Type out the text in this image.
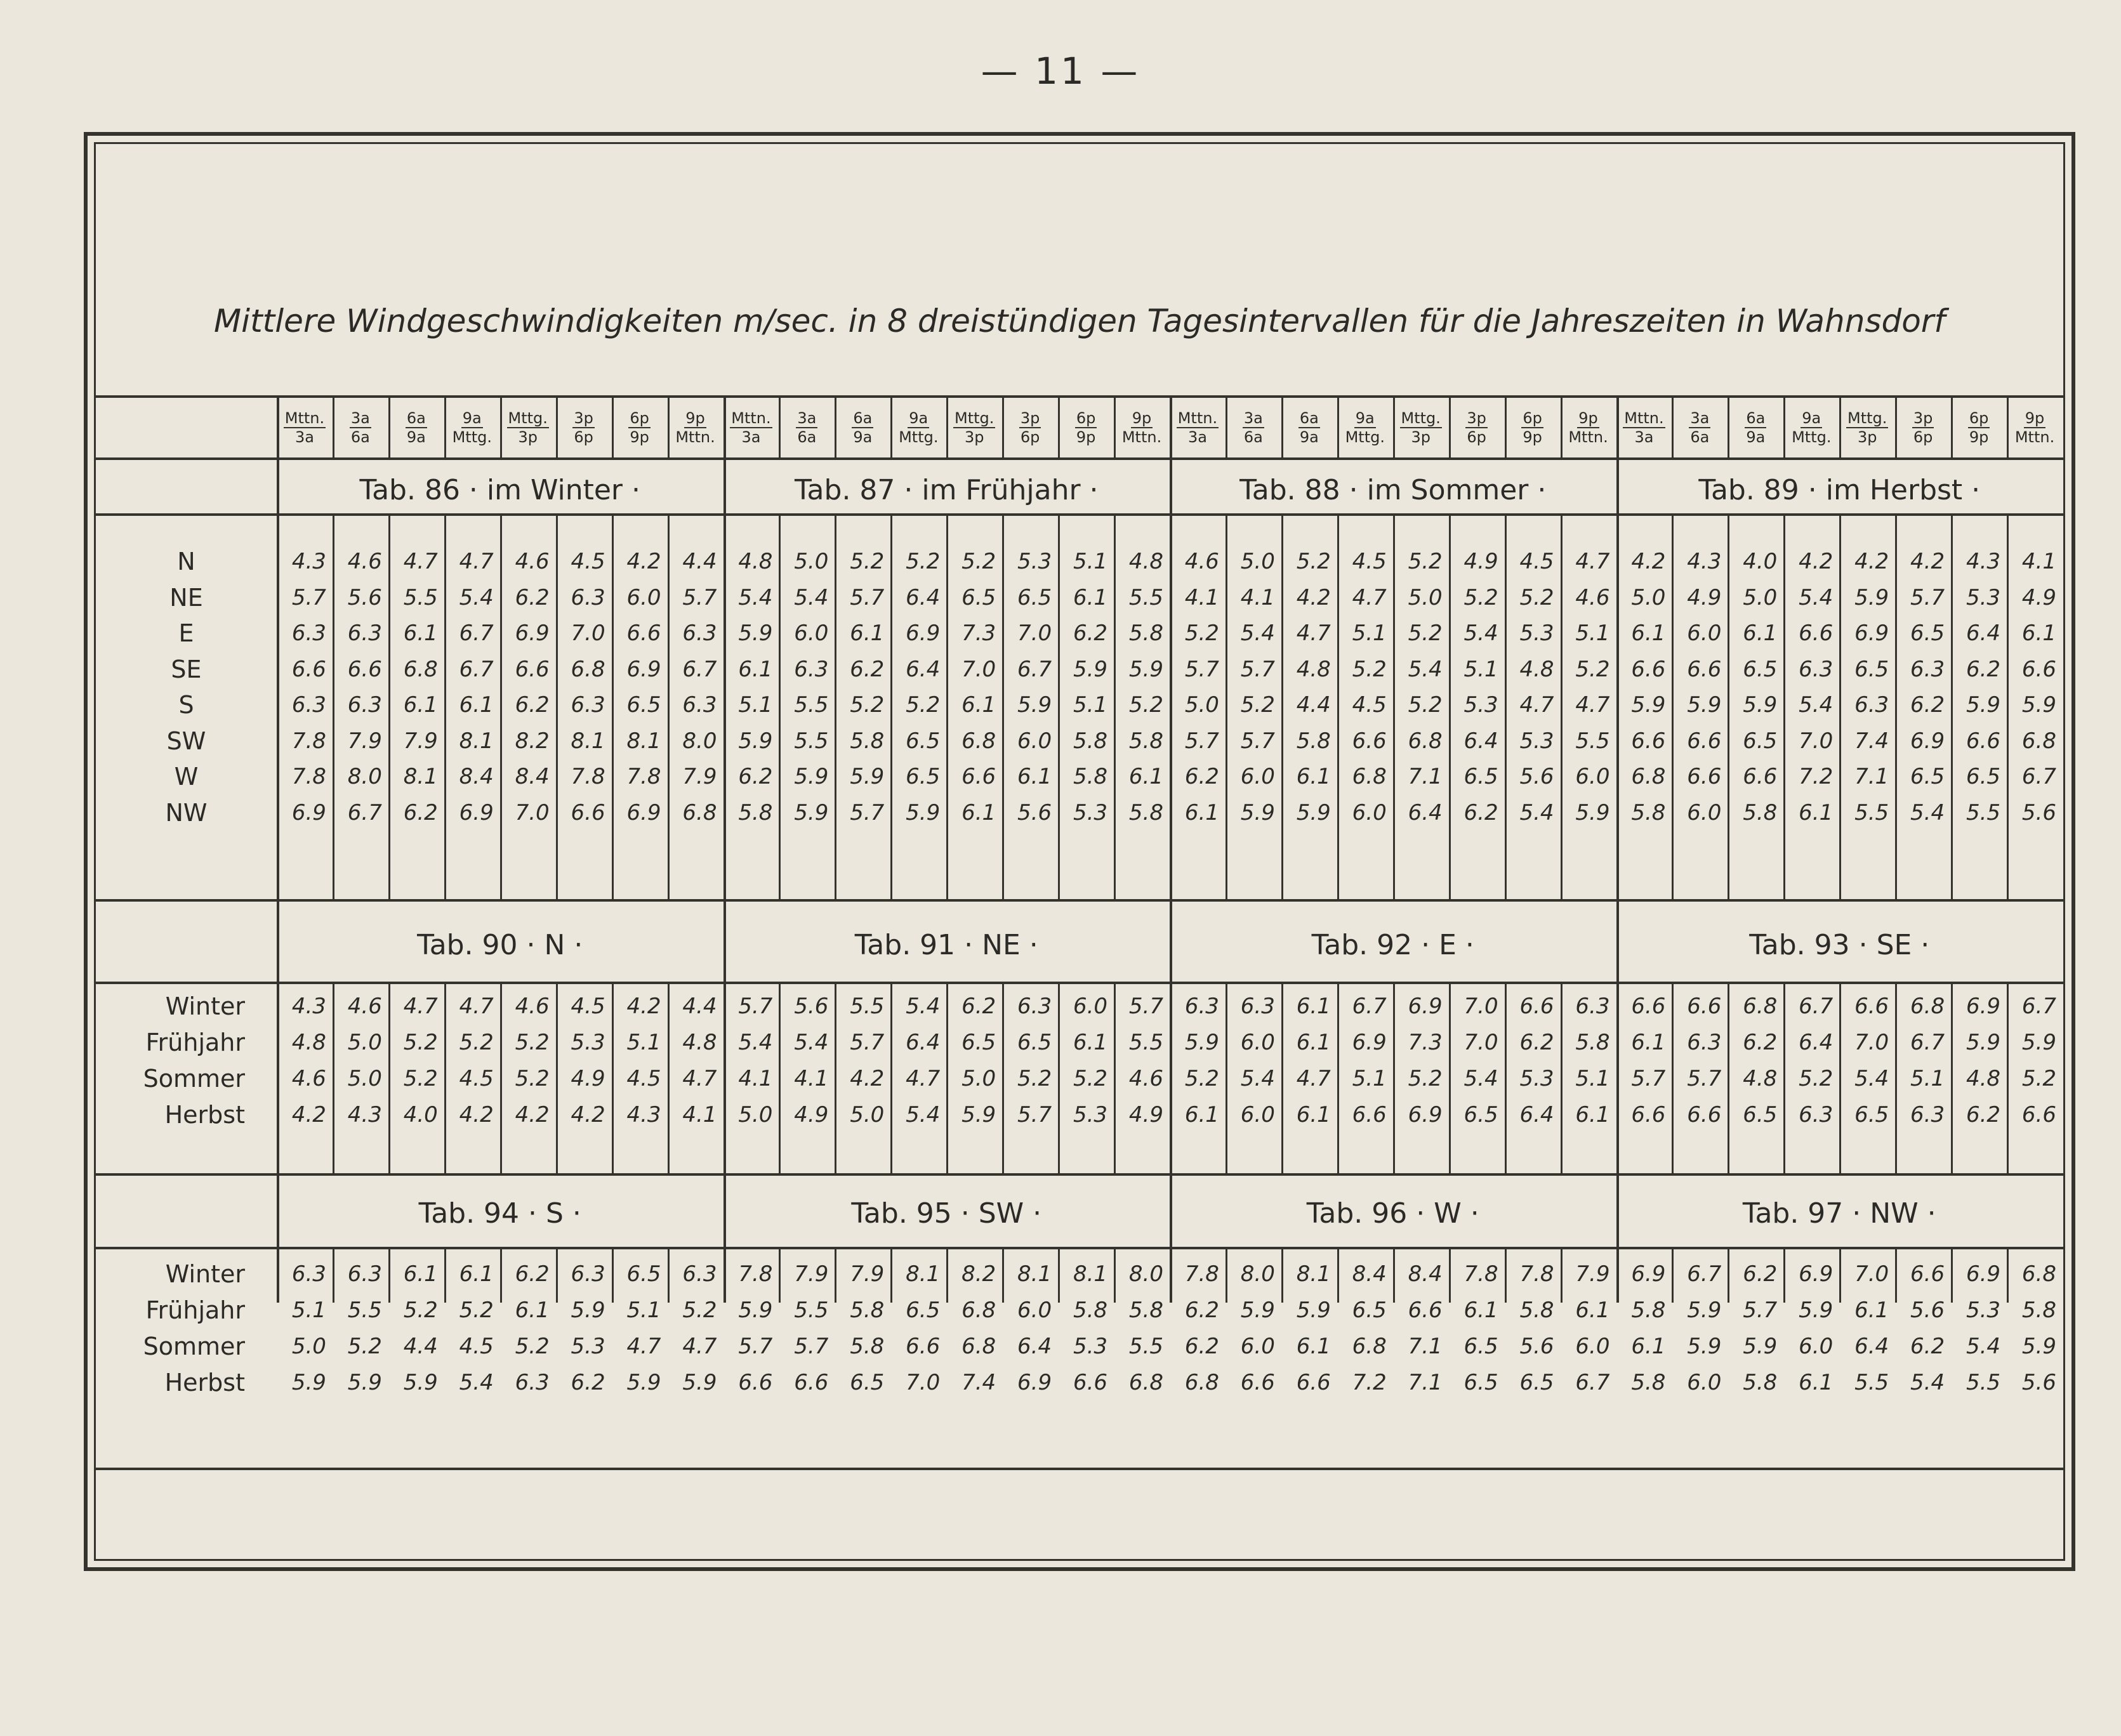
— 11 —
Mittlere Windgeschwindigkeiten m/sec. in 8 dreistündigen Tagesintervallen für die Jahreszeiten in Wahnsdorf
Mttn.
3a
3a
6a
6a
9a
9a
Mttg.
Mttg.
3p
3p
6p
6p
9p
9p
Mttn.
Mttn.
3a
3a
6a
6a
9a
9a
Mttg.
Mttg.
3p
3p
6p
6p
9p
9p
Mttn.
Mttn.
3a
3a
6a
6a
9a
9a
Mttg.
Mttg.
3p
3p
6p
6p
9p
9p
Mttn.
Mttn.
3a
3a
6a
6a
9a
9a
Mttg.
Mttg.
3p
3p
6p
6p
9p
9p
Mttn.
N
NE
E
SE
S
SW
W
NW
Tab. 86 · im Winter ·
4.3 4.6 4.7 4.7 4.6 4.5 4.2 4.4
5.7 5.6 5.5 5.4 6.2 6.3 6.0 5.7
6.3 6.3 6.1 6.7 6.9 7.0 6.6 6.3
6.6 6.6 6.8 6.7 6.6 6.8 6.9 6.7
6.3 6.3 6.1 6.1 6.2 6.3 6.5 6.3
7.8 7.9 7.9 8.1 8.2 8.1 8.1 8.0
7.8 8.0 8.1 8.4 8.4 7.8 7.8 7.9
6.9 6.7 6.2 6.9 7.0 6.6 6.9 6.8
Tab. 87 · im Frühjahr ·
4.8 5.0 5.2 5.2 5.2 5.3 5.1 4.8
5.4 5.4 5.7 6.4 6.5 6.5 6.1 5.5
5.9 6.0 6.1 6.9 7.3 7.0 6.2 5.8
6.1 6.3 6.2 6.4 7.0 6.7 5.9 5.9
5.1 5.5 5.2 5.2 6.1 5.9 5.1 5.2
5.9 5.5 5.8 6.5 6.8 6.0 5.8 5.8
6.2 5.9 5.9 6.5 6.6 6.1 5.8 6.1
5.8 5.9 5.7 5.9 6.1 5.6 5.3 5.8
Tab. 88 · im Sommer ·
4.6 5.0 5.2 4.5 5.2 4.9 4.5 4.7
4.1 4.1 4.2 4.7 5.0 5.2 5.2 4.6
5.2 5.4 4.7 5.1 5.2 5.4 5.3 5.1
5.7 5.7 4.8 5.2 5.4 5.1 4.8 5.2
5.0 5.2 4.4 4.5 5.2 5.3 4.7 4.7
5.7 5.7 5.8 6.6 6.8 6.4 5.3 5.5
6.2 6.0 6.1 6.8 7.1 6.5 5.6 6.0
6.1 5.9 5.9 6.0 6.4 6.2 5.4 5.9
Tab. 89 · im Herbst ·
4.2 4.3 4.0 4.2 4.2 4.2 4.3 4.1
5.0 4.9 5.0 5.4 5.9 5.7 5.3 4.9
6.1 6.0 6.1 6.6 6.9 6.5 6.4 6.1
6.6 6.6 6.5 6.3 6.5 6.3 6.2 6.6
5.9 5.9 5.9 5.4 6.3 6.2 5.9 5.9
6.6 6.6 6.5 7.0 7.4 6.9 6.6 6.8
6.8 6.6 6.6 7.2 7.1 6.5 6.5 6.7
5.8 6.0 5.8 6.1 5.5 5.4 5.5 5.6
Winter
Frühjahr
Sommer
Herbst
Tab. 90 · N ·
4.3 4.6 4.7 4.7 4.6 4.5 4.2 4.4
4.8 5.0 5.2 5.2 5.2 5.3 5.1 4.8
4.6 5.0 5.2 4.5 5.2 4.9 4.5 4.7
4.2 4.3 4.0 4.2 4.2 4.2 4.3 4.1
Tab. 91 · NE ·
5.7 5.6 5.5 5.4 6.2 6.3 6.0 5.7
5.4 5.4 5.7 6.4 6.5 6.5 6.1 5.5
4.1 4.1 4.2 4.7 5.0 5.2 5.2 4.6
5.0 4.9 5.0 5.4 5.9 5.7 5.3 4.9
Tab. 92 · E ·
6.3 6.3 6.1 6.7 6.9 7.0 6.6 6.3
5.9 6.0 6.1 6.9 7.3 7.0 6.2 5.8
5.2 5.4 4.7 5.1 5.2 5.4 5.3 5.1
6.1 6.0 6.1 6.6 6.9 6.5 6.4 6.1
Tab. 93 · SE ·
6.6 6.6 6.8 6.7 6.6 6.8 6.9 6.7
6.1 6.3 6.2 6.4 7.0 6.7 5.9 5.9
5.7 5.7 4.8 5.2 5.4 5.1 4.8 5.2
6.6 6.6 6.5 6.3 6.5 6.3 6.2 6.6
Winter
Frühjahr
Sommer
Herbst
Tab. 94 · S ·
6.3 6.3 6.1 6.1 6.2 6.3 6.5 6.3
5.1 5.5 5.2 5.2 6.1 5.9 5.1 5.2
5.0 5.2 4.4 4.5 5.2 5.3 4.7 4.7
5.9 5.9 5.9 5.4 6.3 6.2 5.9 5.9
Tab. 95 · SW ·
7.8 7.9 7.9 8.1 8.2 8.1 8.1 8.0
5.9 5.5 5.8 6.5 6.8 6.0 5.8 5.8
5.7 5.7 5.8 6.6 6.8 6.4 5.3 5.5
6.6 6.6 6.5 7.0 7.4 6.9 6.6 6.8
Tab. 96 · W ·
7.8 8.0 8.1 8.4 8.4 7.8 7.8 7.9
6.2 5.9 5.9 6.5 6.6 6.1 5.8 6.1
6.2 6.0 6.1 6.8 7.1 6.5 5.6 6.0
6.8 6.6 6.6 7.2 7.1 6.5 6.5 6.7
Tab. 97 · NW ·
6.9 6.7 6.2 6.9 7.0 6.6 6.9 6.8
5.8 5.9 5.7 5.9 6.1 5.6 5.3 5.8
6.1 5.9 5.9 6.0 6.4 6.2 5.4 5.9
5.8 6.0 5.8 6.1 5.5 5.4 5.5 5.6
